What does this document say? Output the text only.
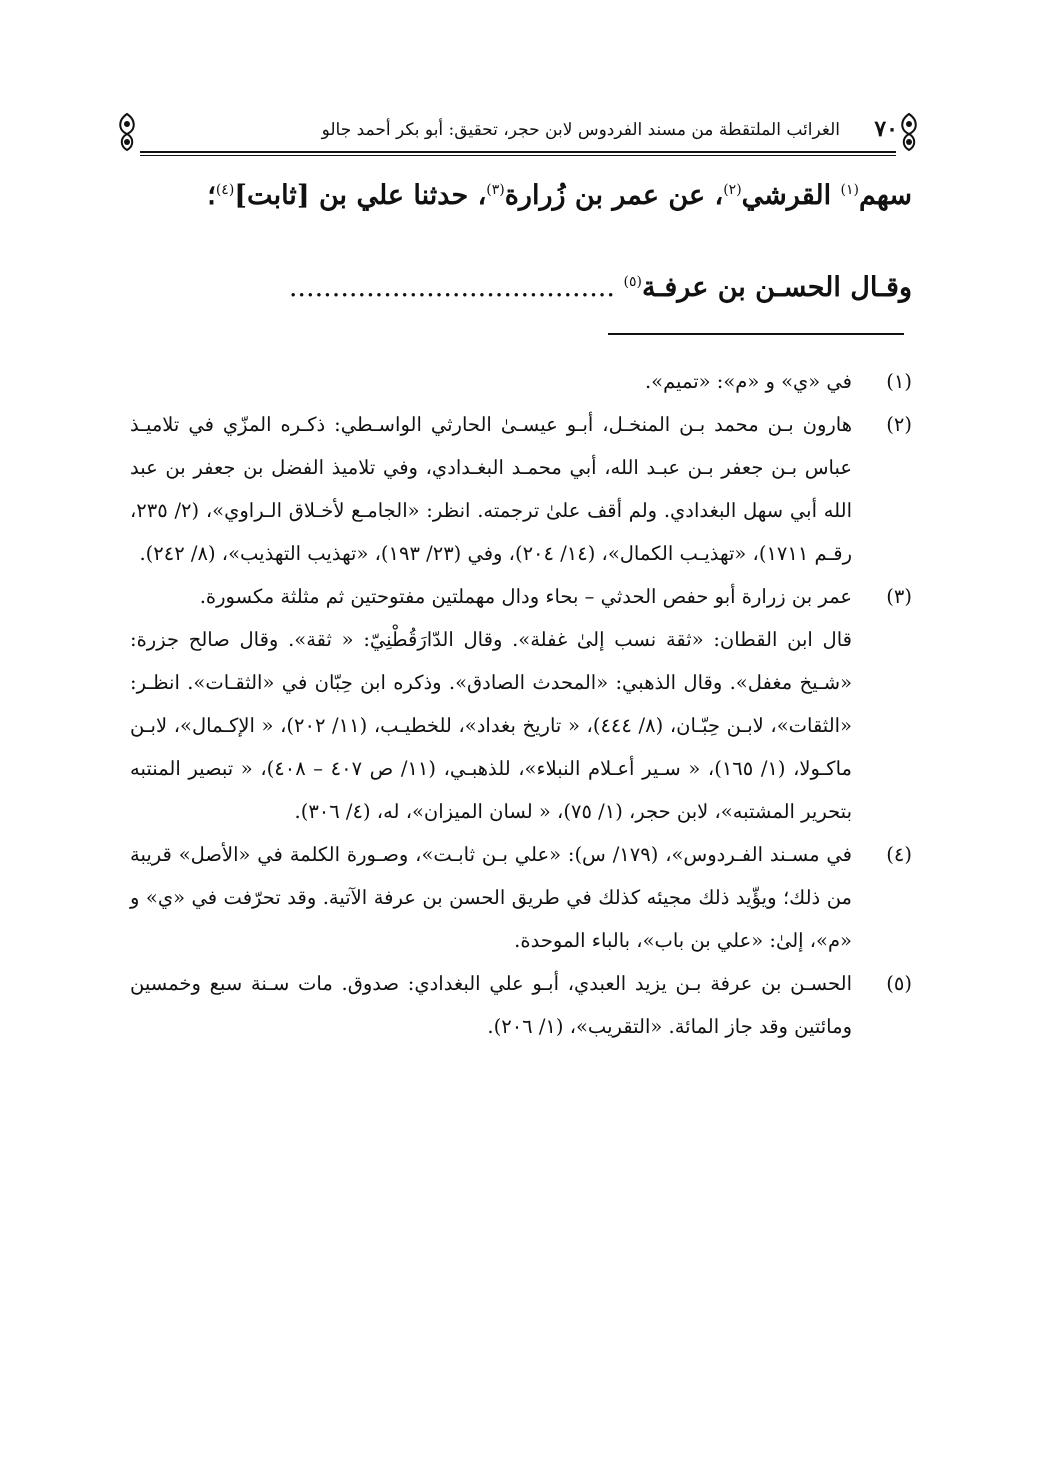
٧٠
الغرائب الملتقطة من مسند الفردوس لابن حجر، تحقيق: أبو بكر أحمد جالو
سهم$^{(١)}$ القرشي$^{(٢)}$، عن عمر بن زُرارة$^{(٣)}$، حدثنا علي بن [ثابت]$^{(٤)}$؛
وقـال الحسـن بن عرفـة$^{(٥)}$ ......................................
(١)
في «ي» و «م»: «تميم».
(٢)
هارون بـن محمد بـن المنخـل، أبـو عيسـىٰ الحارثي الواسـطي: ذكـره المزّي في تلاميـذ عباس بـن جعفر بـن عبـد الله، أبي محمـد البغـدادي، وفي تلاميذ الفضل بن جعفر بن عبد الله أبي سهل البغدادي. ولم أقف علىٰ ترجمته. انظر: «الجامـع لأخـلاق الـراوي»، (٢/ ٢٣٥، رقـم ١٧١١)، «تهذيـب الكمال»، (١٤/ ٢٠٤)، وفي (٢٣/ ١٩٣)، «تهذيب التهذيب»، (٨/ ٢٤٢).
(٣)
عمر بن زرارة أبو حفص الحدثي – بحاء ودال مهملتين مفتوحتين ثم مثلثة مكسورة.
قال ابن القطان: «ثقة نسب إلىٰ غفلة». وقال الدّارَقُطْنِيّ: « ثقة». وقال صالح جزرة: «شـيخ مغفل». وقال الذهبي: «المحدث الصادق». وذكره ابن حِبّان في «الثقـات». انظـر: «الثقات»، لابـن حِبّـان، (٨/ ٤٤٤)، « تاريخ بغداد»، للخطيـب، (١١/ ٢٠٢)، « الإكـمال»، لابـن ماكـولا، (١/ ١٦٥)، « سـير أعـلام النبلاء»، للذهبـي، (١١/ ص ٤٠٧ – ٤٠٨)، « تبصير المنتبه بتحرير المشتبه»، لابن حجر، (١/ ٧٥)، « لسان الميزان»، له، (٤/ ٣٠٦).
(٤)
في مسـند الفـردوس»، (١٧٩/ س): «علي بـن ثابـت»، وصـورة الكلمة في «الأصل» قريبة من ذلك؛ ويؤّيد ذلك مجيئه كذلك في طريق الحسن بن عرفة الآتية. وقد تحرّفت في «ي» و «م»، إلىٰ: «علي بن باب»، بالباء الموحدة.
(٥)
الحسـن بن عرفة بـن يزيد العبدي، أبـو علي البغدادي: صدوق. مات سـنة سبع وخمسين ومائتين وقد جاز المائة. «التقريب»، (١/ ٢٠٦).
